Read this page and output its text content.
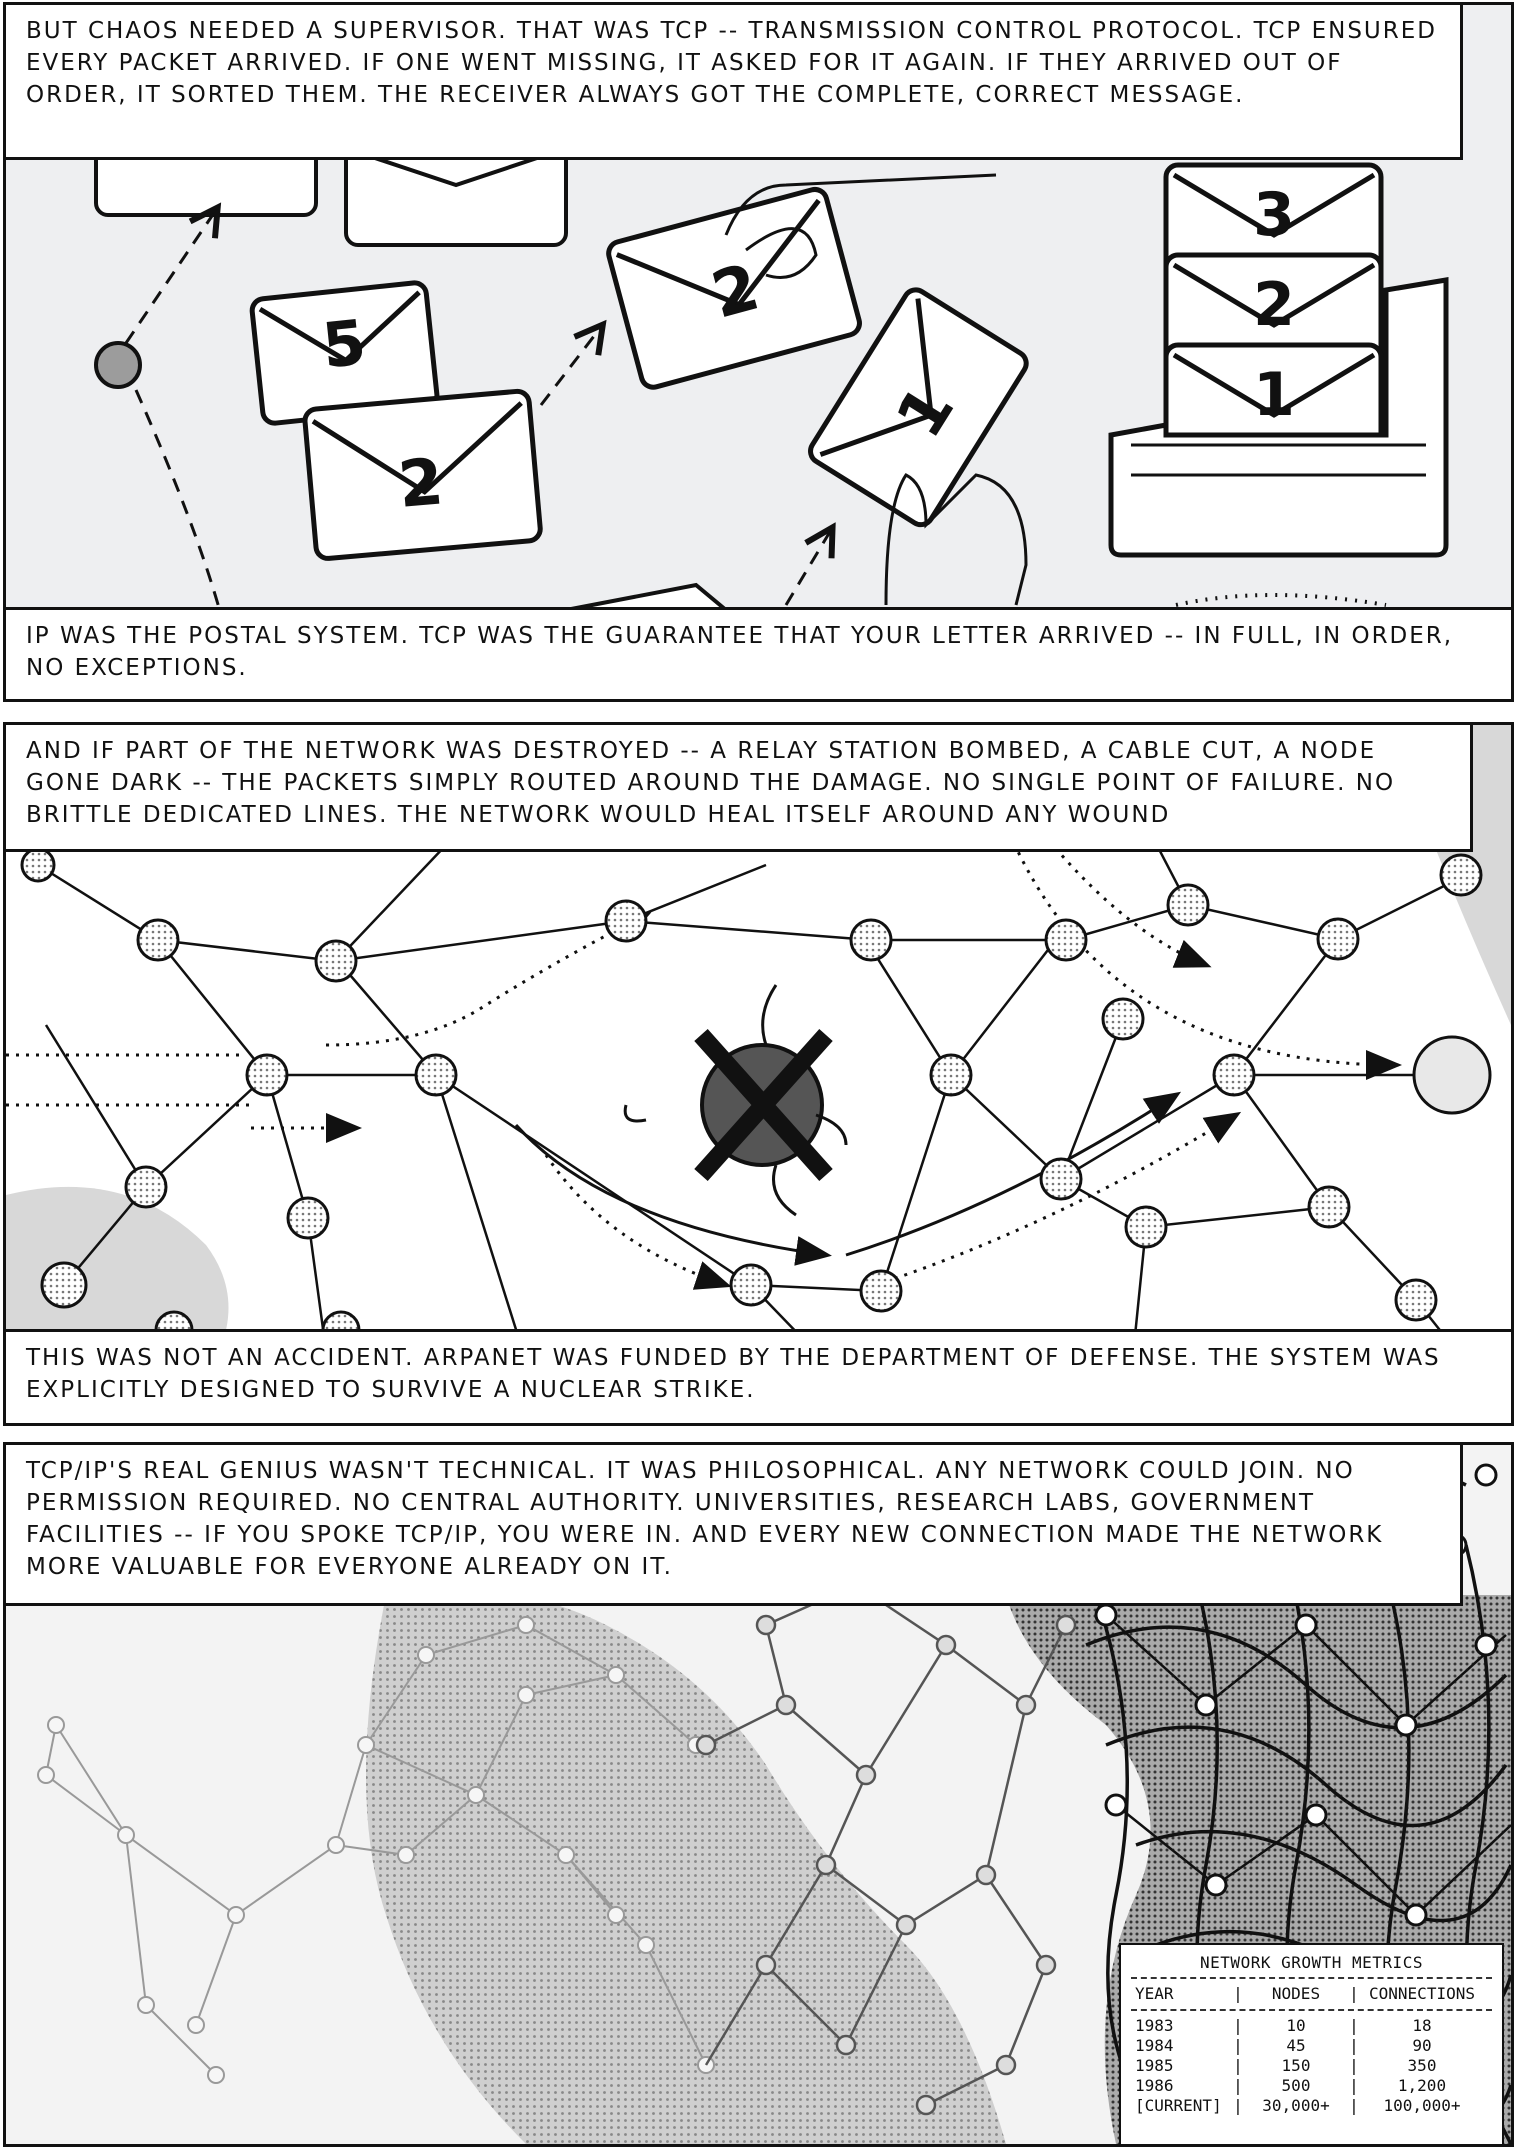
5
2
2
1
3
2
1
BUT CHAOS NEEDED A SUPERVISOR. THAT WAS TCP -- TRANSMISSION CONTROL PROTOCOL. TCP ENSURED EVERY PACKET ARRIVED. IF ONE WENT MISSING, IT ASKED FOR IT AGAIN. IF THEY ARRIVED OUT OF ORDER, IT SORTED THEM. THE RECEIVER ALWAYS GOT THE COMPLETE, CORRECT MESSAGE.
IP WAS THE POSTAL SYSTEM. TCP WAS THE GUARANTEE THAT YOUR LETTER ARRIVED -- IN FULL, IN ORDER, NO EXCEPTIONS.
AND IF PART OF THE NETWORK WAS DESTROYED -- A RELAY STATION BOMBED, A CABLE CUT, A NODE GONE DARK -- THE PACKETS SIMPLY ROUTED AROUND THE DAMAGE. NO SINGLE POINT OF FAILURE. NO BRITTLE DEDICATED LINES. THE NETWORK WOULD HEAL ITSELF AROUND ANY WOUND
THIS WAS NOT AN ACCIDENT. ARPANET WAS FUNDED BY THE DEPARTMENT OF DEFENSE. THE SYSTEM WAS EXPLICITLY DESIGNED TO SURVIVE A NUCLEAR STRIKE.
TCP/IP'S REAL GENIUS WASN'T TECHNICAL. IT WAS PHILOSOPHICAL. ANY NETWORK COULD JOIN. NO PERMISSION REQUIRED. NO CENTRAL AUTHORITY. UNIVERSITIES, RESEARCH LABS, GOVERNMENT FACILITIES -- IF YOU SPOKE TCP/IP, YOU WERE IN. AND EVERY NEW CONNECTION MADE THE NETWORK MORE VALUABLE FOR EVERYONE ALREADY ON IT.
NETWORK GROWTH METRICS
YEAR	|	NODES	|	CONNECTIONS
1983	|	10	|	18
1984	|	45	|	90
1985	|	150	|	350
1986	|	500	|	1,200
[CURRENT]	|	30,000+	|	100,000+
